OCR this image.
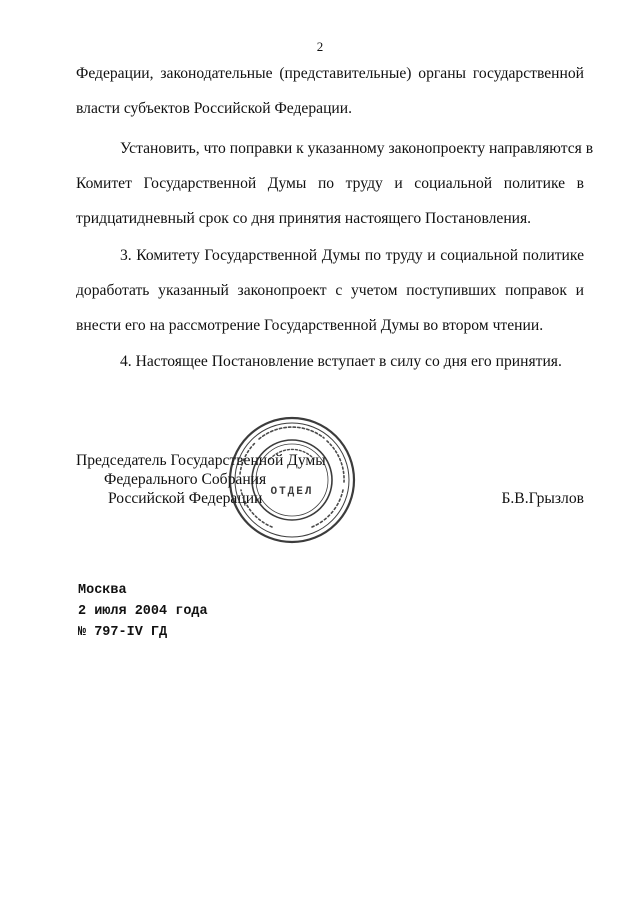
2
Федерации, законодательные (представительные) органы государственной
власти субъектов Российской Федерации.
Установить, что поправки к указанному законопроекту направляются в
Комитет Государственной Думы по труду и социальной политике в
тридцатидневный срок со дня принятия настоящего Постановления.
3. Комитету Государственной Думы по труду и социальной политике
доработать указанный законопроект с учетом поступивших поправок и
внести его на рассмотрение Государственной Думы во втором чтении.
4. Настоящее Постановление вступает в силу со дня его принятия.
Председатель Государственной Думы
Федерального Собрания
Российской Федерации	Б.В.Грызлов
ОТДЕЛ
Москва
2 июля 2004 года
№ 797-IV ГД
